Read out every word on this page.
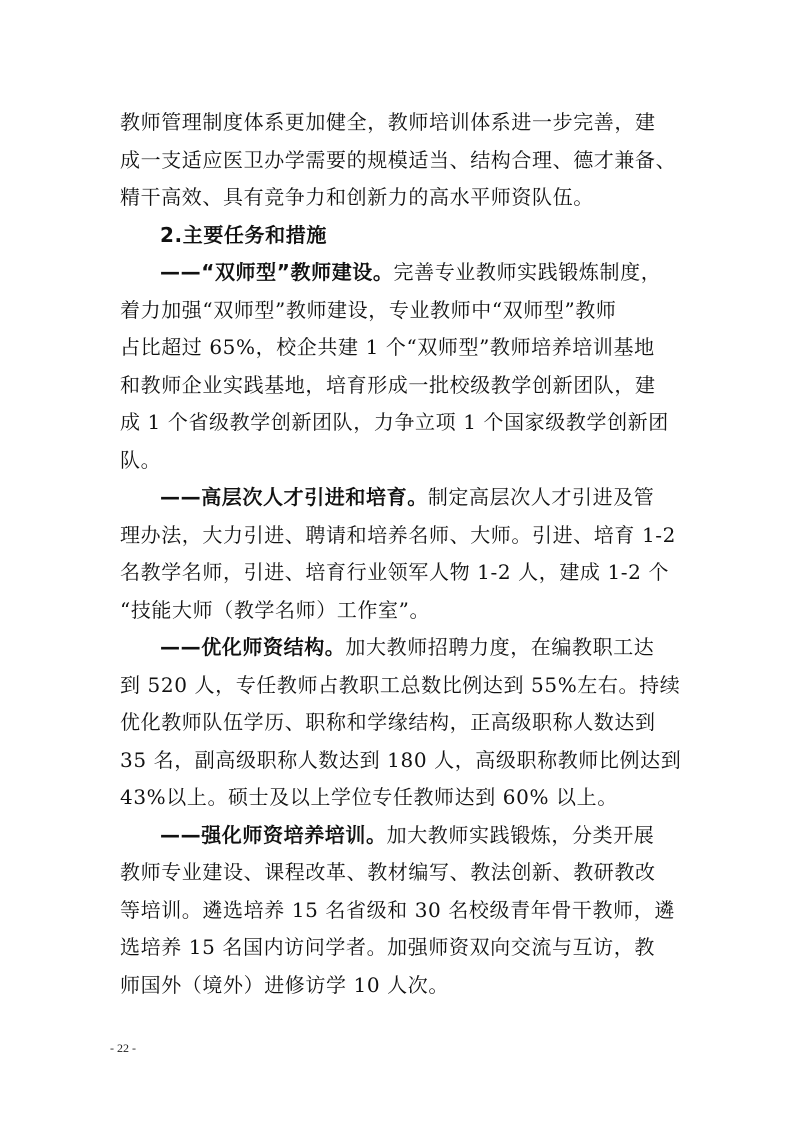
教师管理制度体系更加健全，教师培训体系进一步完善，建
成一支适应医卫办学需要的规模适当、结构合理、德才兼备、
精干高效、具有竞争力和创新力的高水平师资队伍。
2.主要任务和措施
——“双师型”教师建设。完善专业教师实践锻炼制度，
着力加强“双师型”教师建设，专业教师中“双师型”教师
占比超过 65%，校企共建 1 个“双师型”教师培养培训基地
和教师企业实践基地，培育形成一批校级教学创新团队，建
成 1 个省级教学创新团队，力争立项 1 个国家级教学创新团
队。
——高层次人才引进和培育。制定高层次人才引进及管
理办法，大力引进、聘请和培养名师、大师。引进、培育 1-2
名教学名师，引进、培育行业领军人物 1-2 人，建成 1-2 个
“技能大师（教学名师）工作室”。
——优化师资结构。加大教师招聘力度，在编教职工达
到 520 人，专任教师占教职工总数比例达到 55%左右。持续
优化教师队伍学历、职称和学缘结构，正高级职称人数达到
35 名，副高级职称人数达到 180 人，高级职称教师比例达到
43%以上。硕士及以上学位专任教师达到 60% 以上。
——强化师资培养培训。加大教师实践锻炼，分类开展
教师专业建设、课程改革、教材编写、教法创新、教研教改
等培训。遴选培养 15 名省级和 30 名校级青年骨干教师，遴
选培养 15 名国内访问学者。加强师资双向交流与互访，教
师国外（境外）进修访学 10 人次。
- 22 -
